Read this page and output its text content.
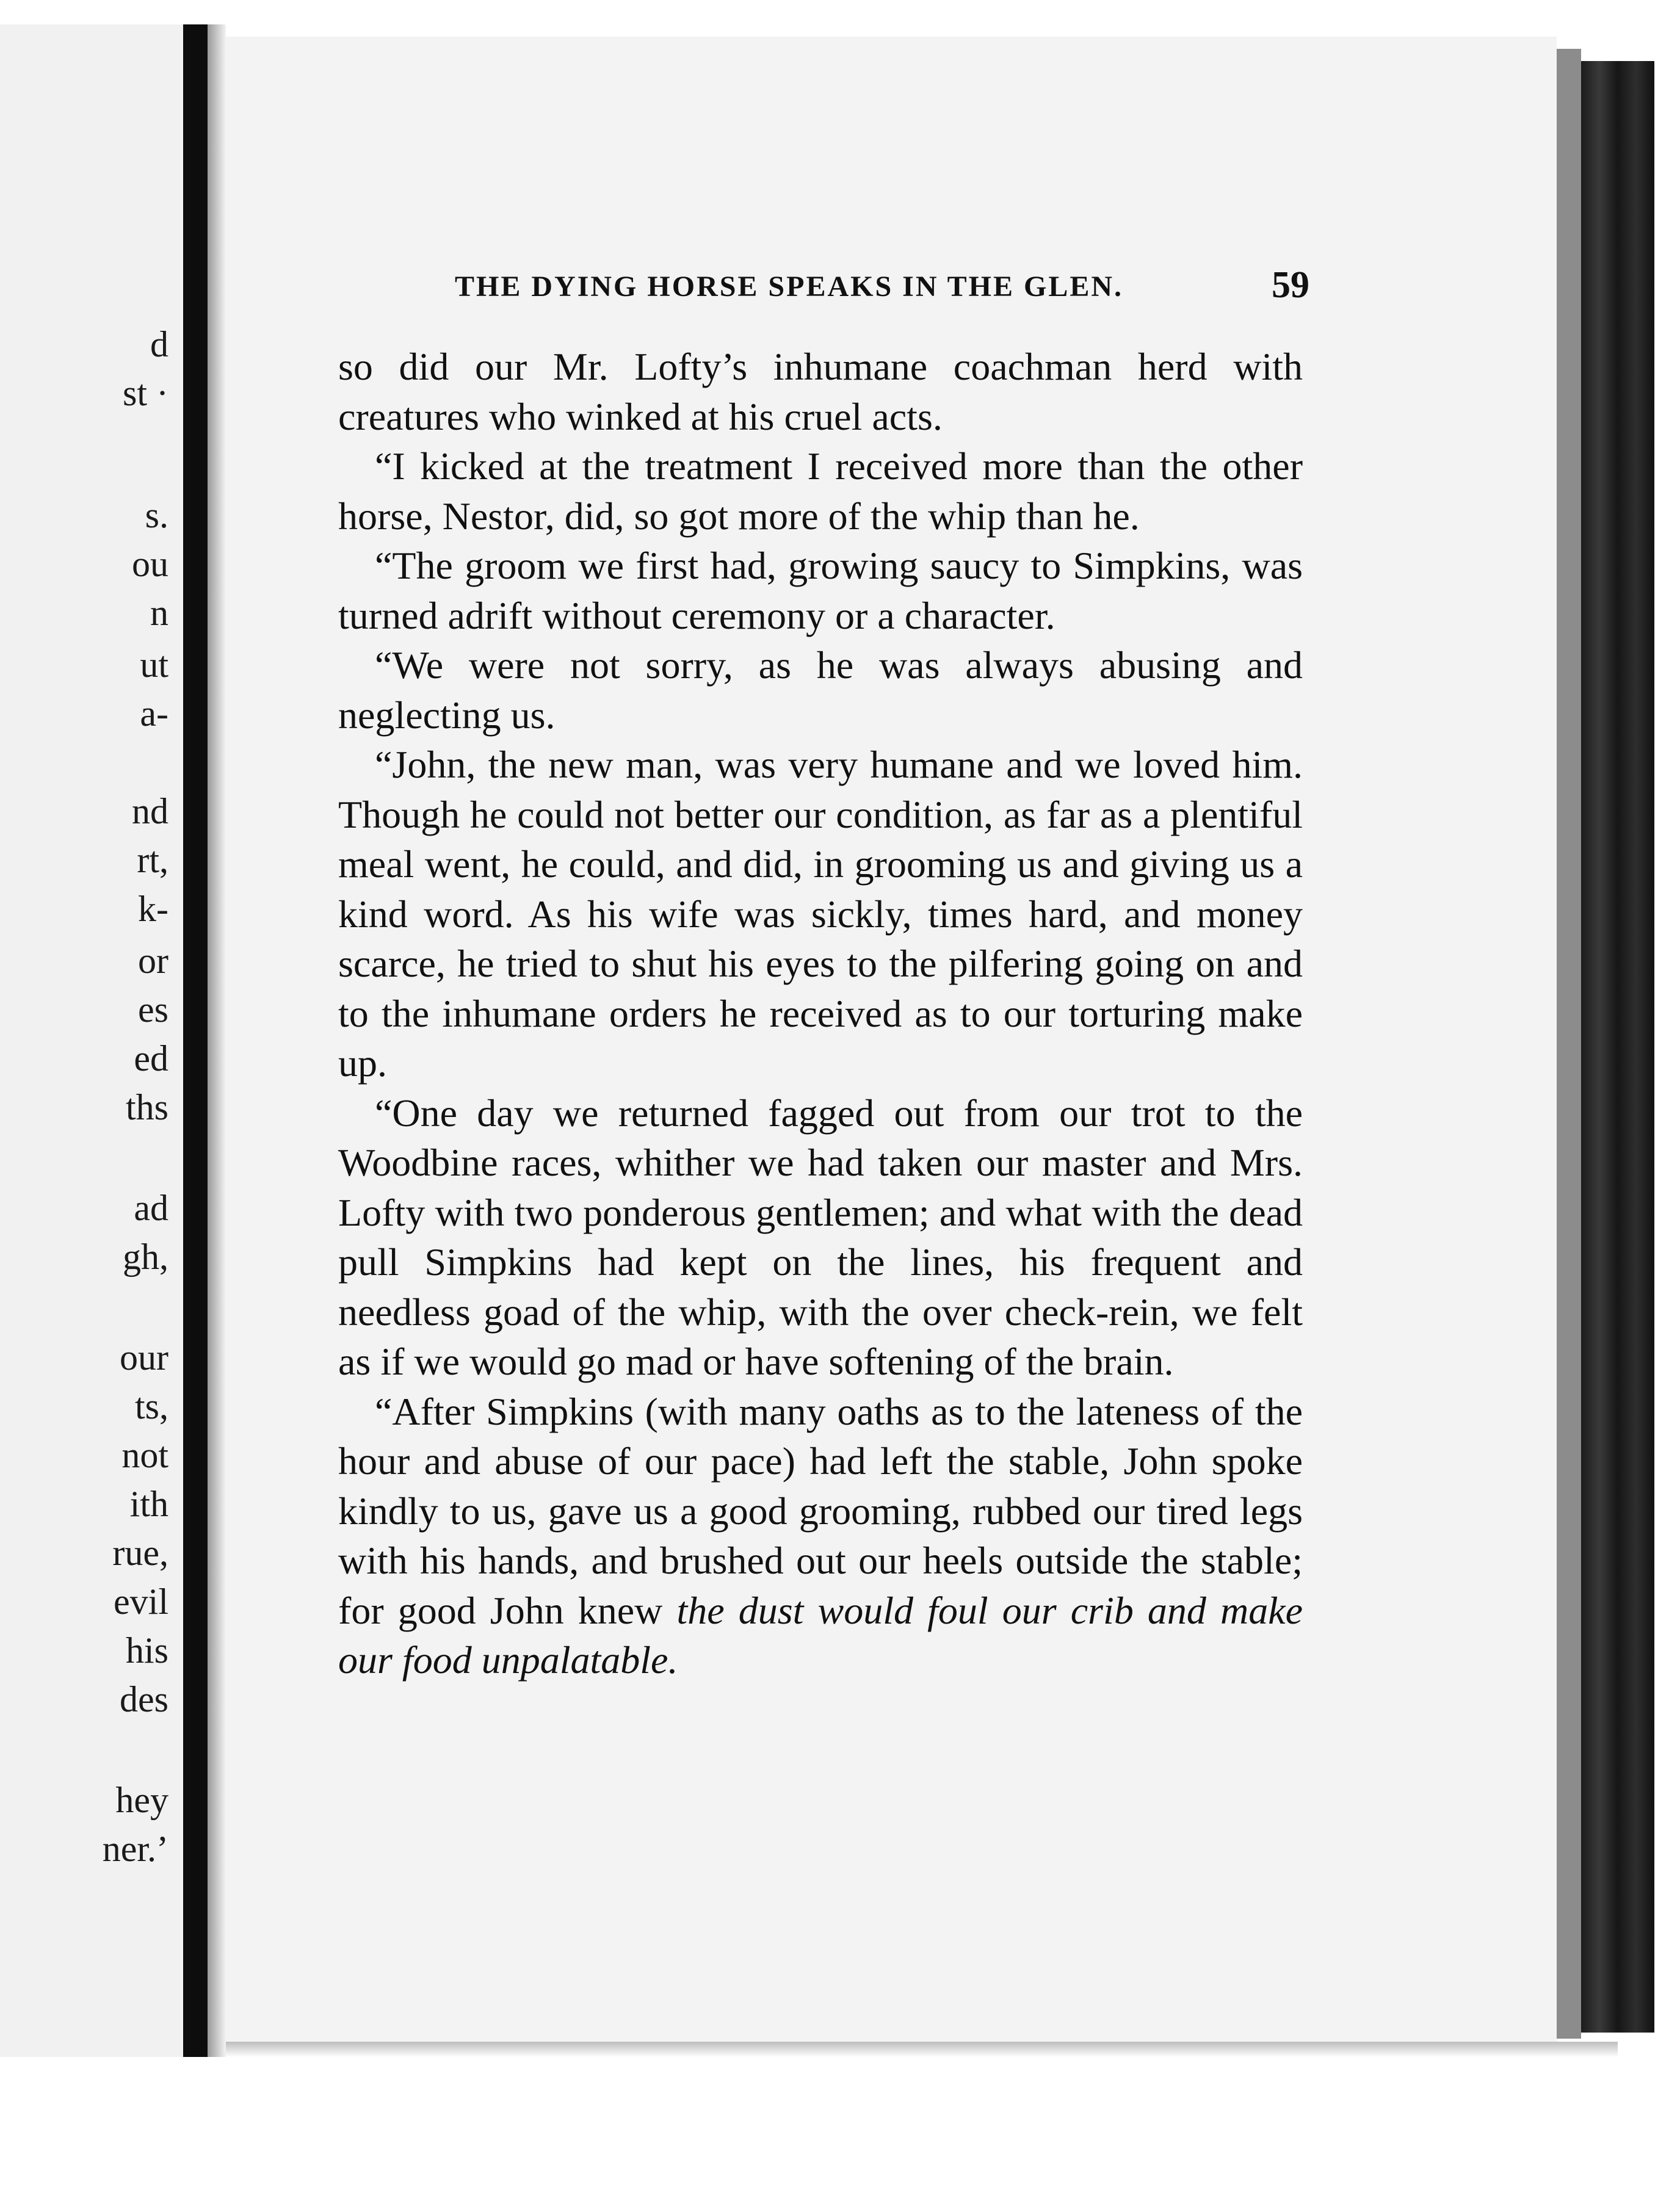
d
st ·
s.
ou
n
ut
a-
nd
rt,
k-
or
es
ed
ths
ad
gh,
our
ts,
not
ith
rue,
evil
his
des
hey
ner.’
THE DYING HORSE SPEAKS IN THE GLEN.	59

so did our Mr. Lofty’s inhumane coachman herd with creatures who winked at his cruel acts.

“I kicked at the treatment I received more than the other horse, Nestor, did, so got more of the whip than he.

“The groom we first had, growing saucy to Simpkins, was turned adrift without ceremony or a character.

“We were not sorry, as he was always abusing and neglecting us.

“John, the new man, was very humane and we loved him. Though he could not better our condition, as far as a plentiful meal went, he could, and did, in grooming us and giving us a kind word. As his wife was sickly, times hard, and money scarce, he tried to shut his eyes to the pilfering going on and to the inhumane orders he received as to our torturing make up.

“One day we returned fagged out from our trot to the Woodbine races, whither we had taken our master and Mrs. Lofty with two ponderous gentlemen; and what with the dead pull Simpkins had kept on the lines, his frequent and needless goad of the whip, with the over check-rein, we felt as if we would go mad or have softening of the brain.

“After Simpkins (with many oaths as to the lateness of the hour and abuse of our pace) had left the stable, John spoke kindly to us, gave us a good grooming, rubbed our tired legs with his hands, and brushed out our heels outside the stable; for good John knew the dust would foul our crib and make our food unpalatable.
